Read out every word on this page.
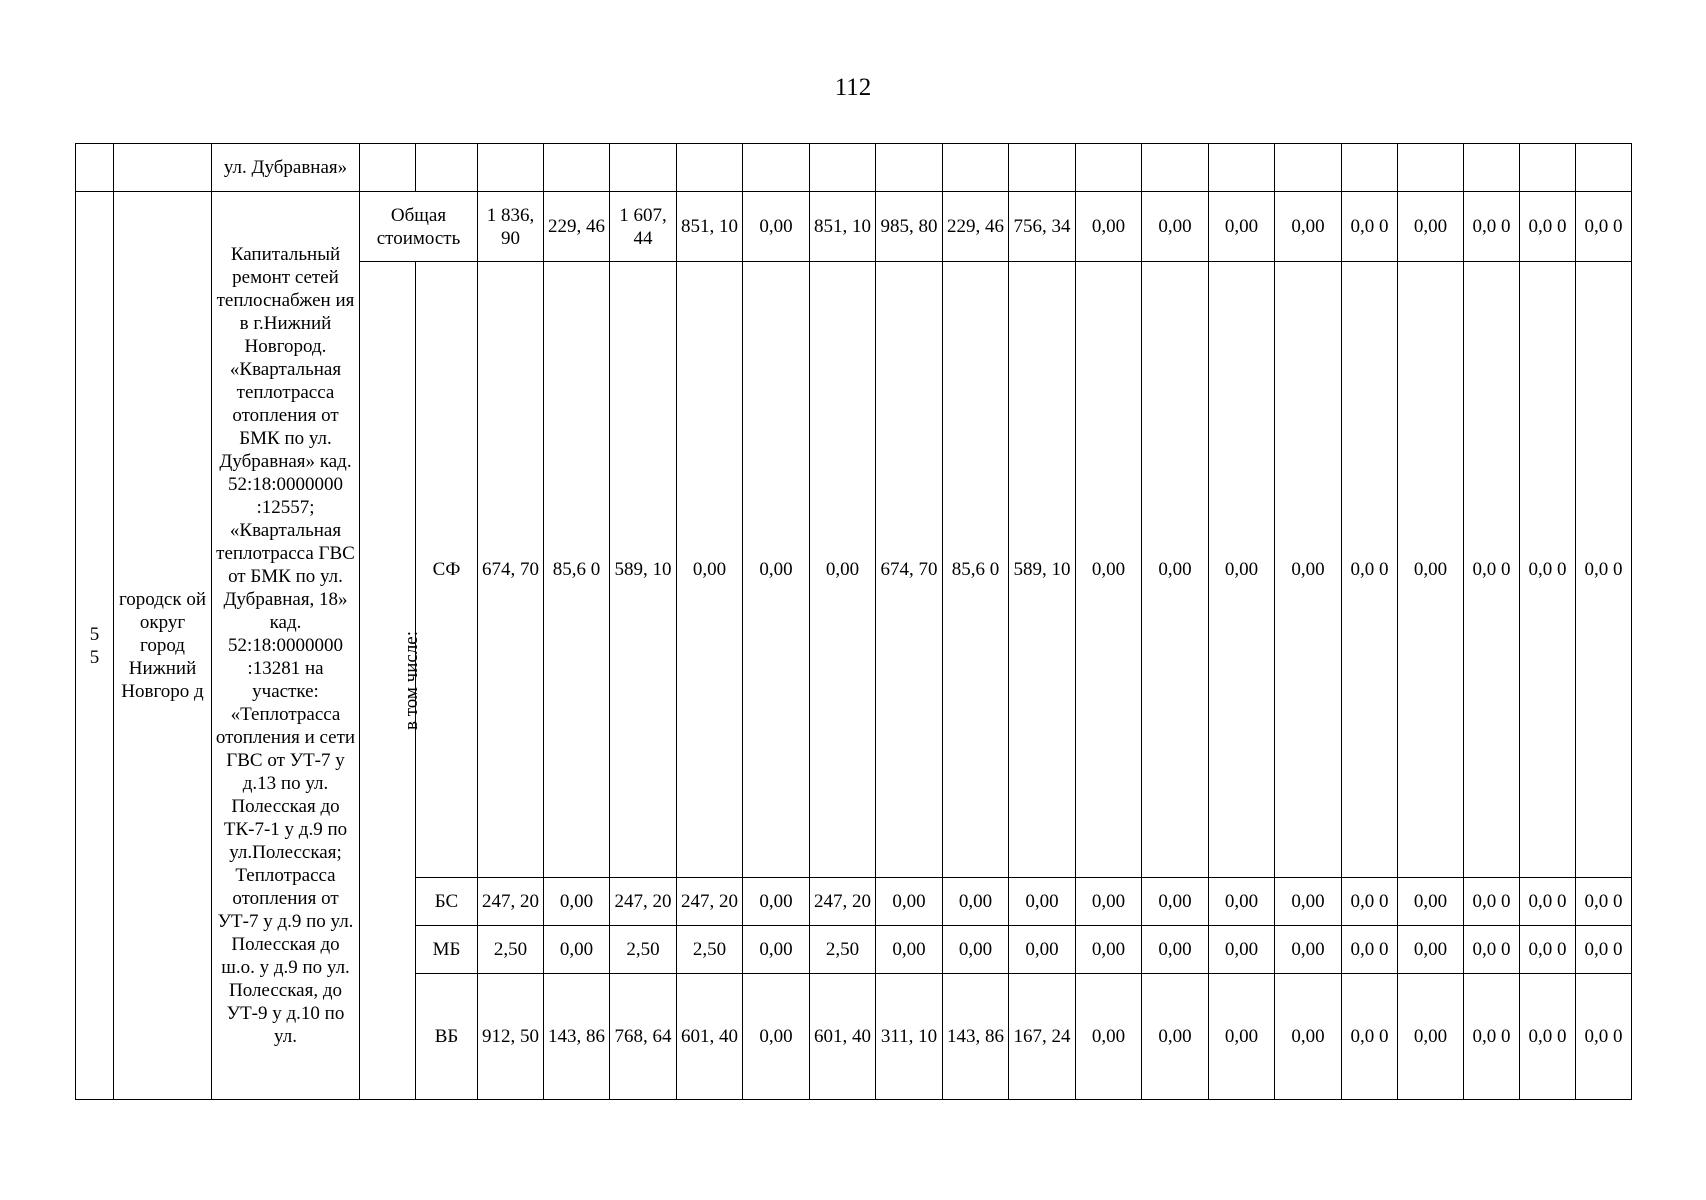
112
		ул. Дубравная»																				

5
5	городск ой округ город Нижний Новгоро д	Капитальный ремонт сетей теплоснабжен ия в г.Нижний Новгород. «Квартальная теплотрасса отопления от БМК по ул. Дубравная» кад. 52:18:0000000 :12557; «Квартальная теплотрасса ГВС от БМК по ул. Дубравная, 18» кад. 52:18:0000000 :13281 на участке: «Теплотрасса отопления и сети ГВС от УТ-7 у д.13 по ул. Полесская до ТК-7-1 у д.9 по ул.Полесская; Теплотрасса отопления от УТ-7 у д.9 по ул. Полесская до ш.о. у д.9 по ул. Полесская, до УТ-9 у д.10 по ул.	Общая стоимость		1 836, 90	229, 46	1 607, 44	851, 10	0,00	851, 10	985, 80	229, 46	756, 34	0,00	0,00	0,00	0,00	0,0 0	0,00	0,0 0	0,0 0	0,0 0
			в том числе:	СФ	674, 70	85,6 0	589, 10	0,00	0,00	0,00	674, 70	85,6 0	589, 10	0,00	0,00	0,00	0,00	0,0 0	0,00	0,0 0	0,0 0	0,0 0
				БС	247, 20	0,00	247, 20	247, 20	0,00	247, 20	0,00	0,00	0,00	0,00	0,00	0,00	0,00	0,0 0	0,00	0,0 0	0,0 0	0,0 0
				МБ	2,50	0,00	2,50	2,50	0,00	2,50	0,00	0,00	0,00	0,00	0,00	0,00	0,00	0,0 0	0,00	0,0 0	0,0 0	0,0 0
				ВБ	912, 50	143, 86	768, 64	601, 40	0,00	601, 40	311, 10	143, 86	167, 24	0,00	0,00	0,00	0,00	0,0 0	0,00	0,0 0	0,0 0	0,0 0
